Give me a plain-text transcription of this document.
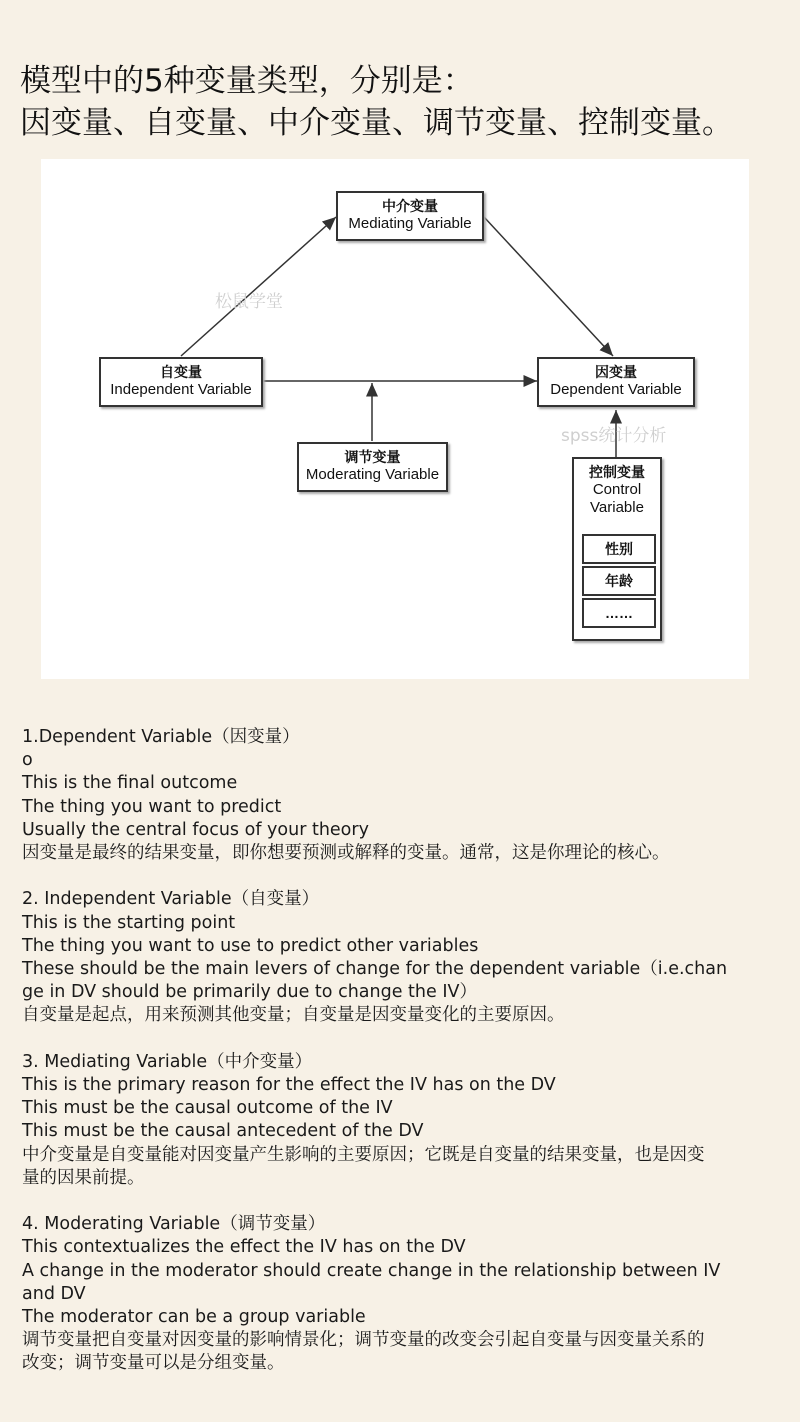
模型中的5种变量类型，分别是：
因变量、自变量、中介变量、调节变量、控制变量。
松鼠学堂
spss统计分析
中介变量
Mediating Variable
自变量
Independent Variable
因变量
Dependent Variable
调节变量
Moderating Variable	控制变量
Control
Variable
性别
年龄
……
1.Dependent Variable（因变量）
o
This is the final outcome
The thing you want to predict
Usually the central focus of your theory
因变量是最终的结果变量，即你想要预测或解释的变量。通常，这是你理论的核心。
2. Independent Variable（自变量）
This is the starting point
The thing you want to use to predict other variables
These should be the main levers of change for the dependent variable（i.e.chan
ge in DV should be primarily due to change the IV）
自变量是起点，用来预测其他变量；自变量是因变量变化的主要原因。
3. Mediating Variable（中介变量）
This is the primary reason for the effect the IV has on the DV
This must be the causal outcome of the IV
This must be the causal antecedent of the DV
中介变量是自变量能对因变量产生影响的主要原因；它既是自变量的结果变量，也是因变
量的因果前提。
4. Moderating Variable（调节变量）
This contextualizes the effect the IV has on the DV
A change in the moderator should create change in the relationship between IV
and DV
The moderator can be a group variable
调节变量把自变量对因变量的影响情景化；调节变量的改变会引起自变量与因变量关系的
改变；调节变量可以是分组变量。
